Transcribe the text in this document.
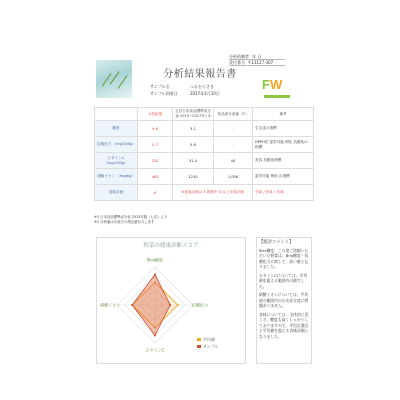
分析依頼者 年 日
受付番号 Y-13127-307
分析結果報告書
サンプル名	つるむらさき
サンプル到着日	2017年1月10日
FW
	分析結果	五訂日本食品標準成分表 2015~2017年 / 8	食品成分表値（C）	備考
糖度	9.6	3.1	-	生生成の指標
抗酸化力 （mg/100g）	0.7	5.6	-	DPPH法 富栄可能 例化 抗酸化の指標
ビタミンC （mg/100g）	252	31.4	44	美容 抗酸化指標
硝酸イオン （mg/kg）	463	1210	1,006	富栄可能 例化 の指標
食味評価	6	※食味評価は 5 段階中 4 以上を高評価		甘味 / 旨味 / 苦味
※1 日本食品標準成分表 2015年版（七訂）より
※2 分析値は各成分の測定値を示します
野菜の健康診断スコア
Brix糖度
抗酸化力
ビタミンC
硝酸イオン
平均値
サンプル
【総評コメント】

Brix糖度：この度ご依頼いただいた野菜は、Brix糖度・抗酸化力に関して、高い値となりました。

ビタミンCについては、平均値を超える範囲内の値でした。

硝酸イオンについては、平均値の範囲内のため安全度に問題ありません。

食味については、全体的に美しさ、糖度も高くしっかりしておりますので、平均点満点と平均値を超える食味評価となりました。
